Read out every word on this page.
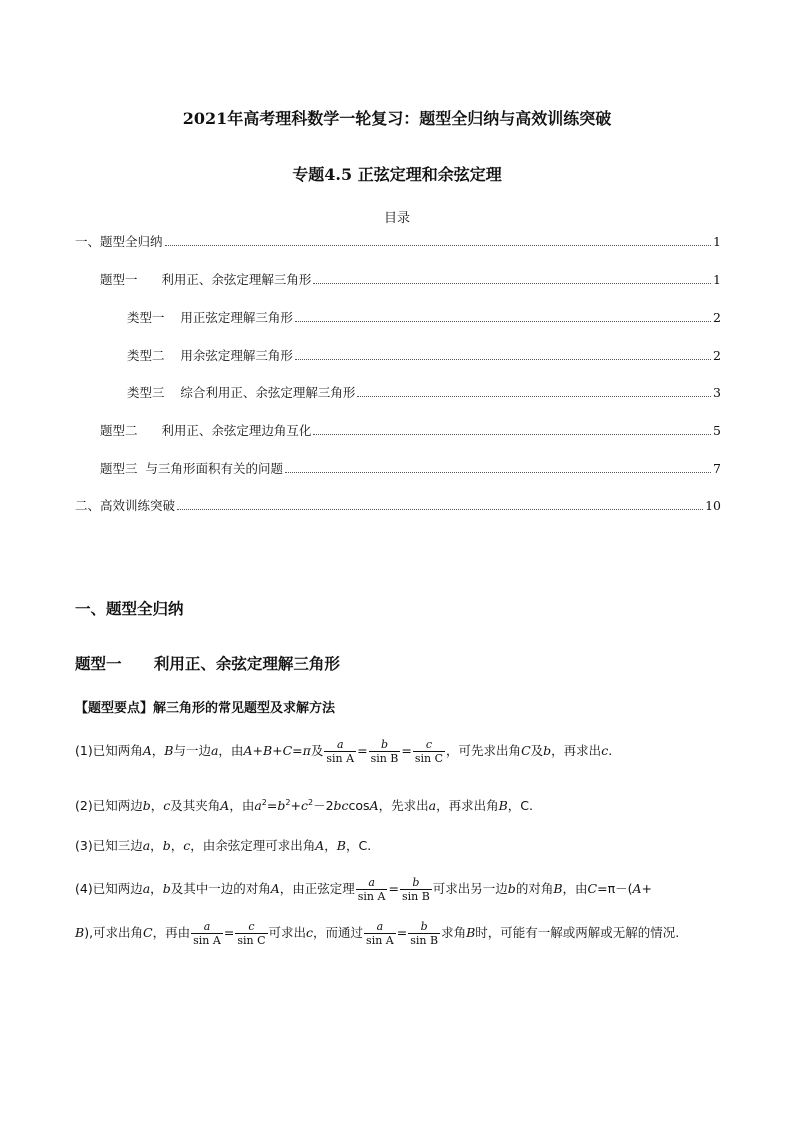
2021年高考理科数学一轮复习：题型全归纳与高效训练突破
专题4.5 正弦定理和余弦定理
目录
一、题型全归纳	1
题型一      利用正、余弦定理解三角形	1
类型一    用正弦定理解三角形	2
类型二    用余弦定理解三角形	2
类型三    综合利用正、余弦定理解三角形	3
题型二      利用正、余弦定理边角互化	5
题型三  与三角形面积有关的问题	7
二、高效训练突破	10
一、题型全归纳
题型一      利用正、余弦定理解三角形
【题型要点】解三角形的常见题型及求解方法
(1)已知两角A，B与一边a，由A+B+C=π及 $\frac{a}{\text{sin A}} = \frac{b}{\text{sin B}} = \frac{c}{\text{sin C}}$ ，可先求出角C及b，再求出c.
(2)已知两边b，c及其夹角A，由$a^2=b^2+c^2-2bccosA$，先求出a，再求出角B，C.
(3)已知三边a，b，c，由余弦定理可求出角A，B，C.
(4)已知两边a，b及其中一边的对角A，由正弦定理 $\frac{a}{\text{sin A}} = \frac{b}{\text{sin B}}$ 可求出另一边b的对角B，由C=π－(A+
B),可求出角C，再由 $\frac{a}{\text{sin A}} = \frac{c}{\text{sin C}}$ 可求出c，而通过 $\frac{a}{\text{sin A}} = \frac{b}{\text{sin B}}$ 求角B时，可能有一解或两解或无解的情况.
